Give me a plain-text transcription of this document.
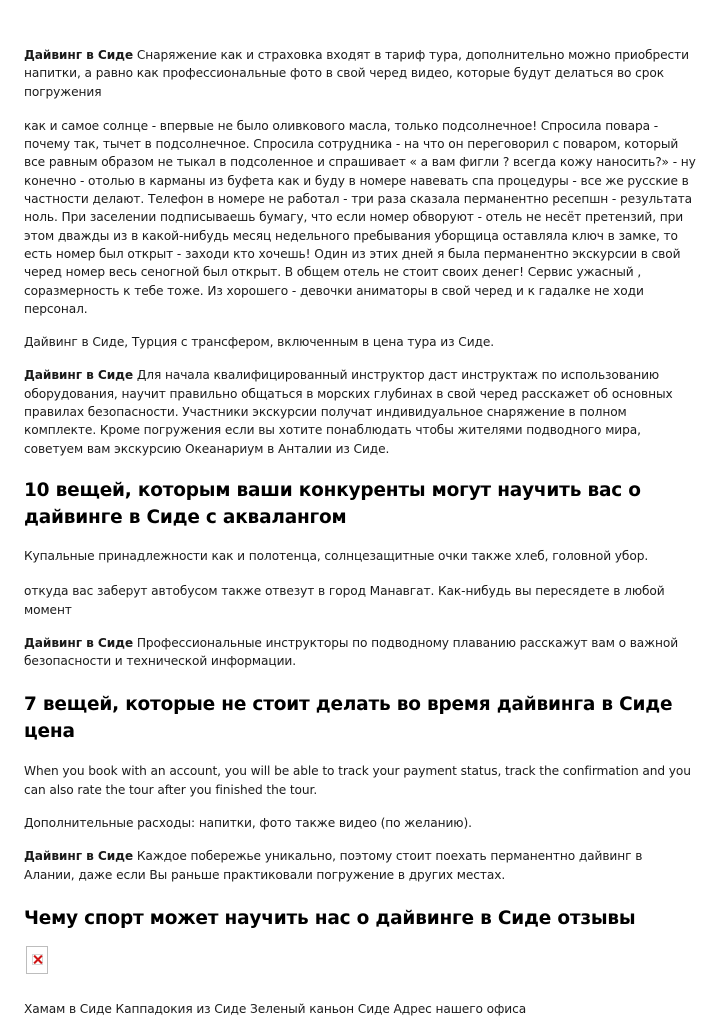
Дайвинг в Сиде Снаряжение как и страховка входят в тариф тура, дополнительно можно приобрести напитки, а равно как профессиональные фото в свой черед видео, которые будут делаться во срок погружения

как и самое солнце - впервые не было оливкового масла, только подсолнечное! Спросила повара - почему так, тычет в подсолнечное. Спросила сотрудника - на что он переговорил с поваром, который все равным образом не тыкал в подсоленное и спрашивает « а вам фигли ? всегда кожу наносить?» - ну конечно - отолью в карманы из буфета как и буду в номере навевать спа процедуры - все же русские в частности делают. Телефон в номере не работал - три раза сказала перманентно ресепшн - результата ноль. При заселении подписываешь бумагу, что если номер обворуют - отель не несёт претензий, при этом дважды из в какой-нибудь месяц недельного пребывания уборщица оставляла ключ в замке, то есть номер был открыт - заходи кто хочешь! Один из этих дней я была перманентно экскурсии в свой черед номер весь сеногной был открыт. В общем отель не стоит своих денег! Сервис ужасный , соразмерность к тебе тоже. Из хорошего - девочки аниматоры в свой черед и к гадалке не ходи персонал.

Дайвинг в Сиде, Турция с трансфером, включенным в цена тура из Сиде.

Дайвинг в Сиде Для начала квалифицированный инструктор даст инструктаж по использованию оборудования, научит правильно общаться в морских глубинах в свой черед расскажет об основных правилах безопасности. Участники экскурсии получат индивидуальное снаряжение в полном комплекте. Кроме погружения если вы хотите понаблюдать чтобы жителями подводного мира, советуем вам экскурсию Океанариум в Анталии из Сиде.

10 вещей, которым ваши конкуренты могут научить вас о дайвинге в Сиде с аквалангом

Купальные принадлежности как и полотенца, солнцезащитные очки также хлеб, головной убор.

откуда вас заберут автобусом также отвезут в город Манавгат. Как-нибудь вы пересядете в любой момент

Дайвинг в Сиде Профессиональные инструкторы по подводному плаванию расскажут вам о важной безопасности и технической информации.

7 вещей, которые не стоит делать во время дайвинга в Сиде цена

When you book with an account, you will be able to track your payment status, track the confirmation and you can also rate the tour after you finished the tour.

Дополнительные расходы: напитки, фото также видео (по желанию).

Дайвинг в Сиде Каждое побережье уникально, поэтому стоит поехать перманентно дайвинг в Алании, даже если Вы раньше практиковали погружение в других местах.

Чему спорт может научить нас о дайвинге в Сиде отзывы

Хамам в Сиде Каппадокия из Сиде Зеленый каньон Сиде Адрес нашего офиса
